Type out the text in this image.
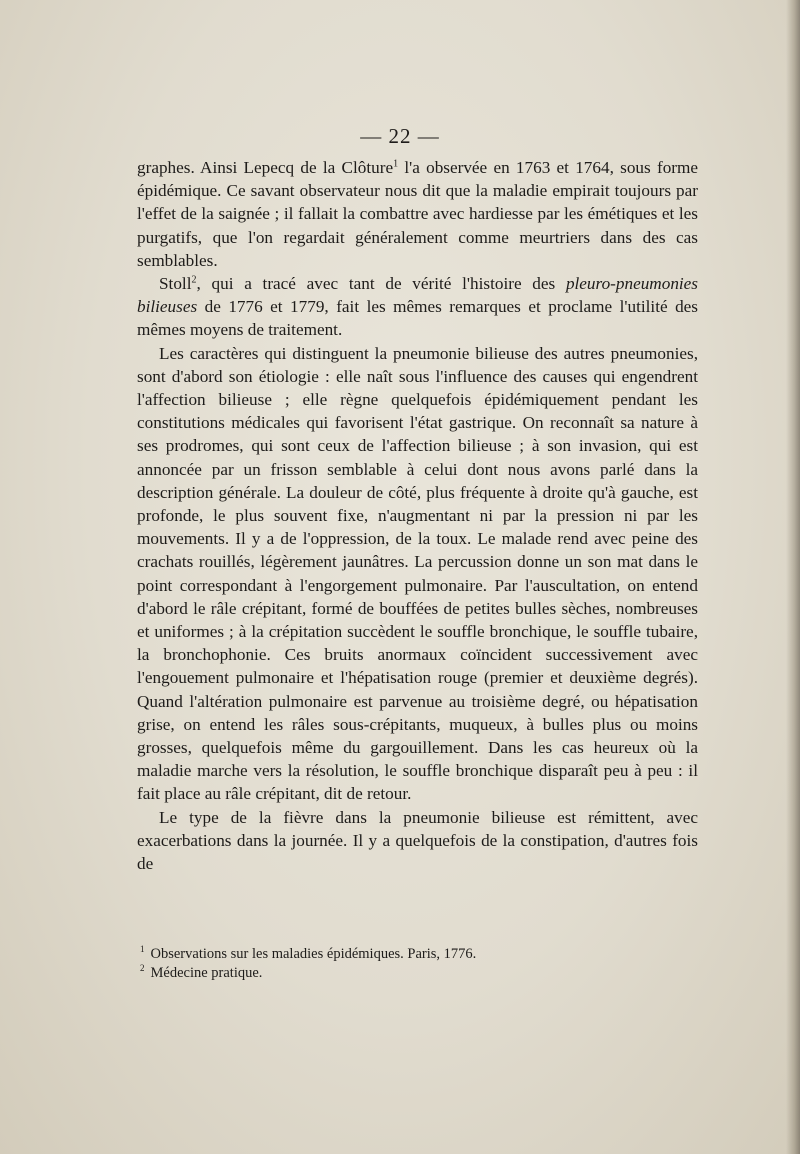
— 22 —

graphes. Ainsi Lepecq de la Clôture$^1$ l'a observée en 1763 et 1764, sous forme épidémique. Ce savant observateur nous dit que la maladie empirait toujours par l'effet de la saignée ; il fallait la combattre avec hardiesse par les émétiques et les purgatifs, que l'on regardait généralement comme meurtriers dans des cas semblables.

Stoll$^2$, qui a tracé avec tant de vérité l'histoire des pleuro-pneumonies bilieuses de 1776 et 1779, fait les mêmes remarques et proclame l'utilité des mêmes moyens de traitement.

Les caractères qui distinguent la pneumonie bilieuse des autres pneumonies, sont d'abord son étiologie : elle naît sous l'influence des causes qui engendrent l'affection bilieuse ; elle règne quelquefois épidémiquement pendant les constitutions médicales qui favorisent l'état gastrique. On reconnaît sa nature à ses prodromes, qui sont ceux de l'affection bilieuse ; à son invasion, qui est annoncée par un frisson semblable à celui dont nous avons parlé dans la description générale. La douleur de côté, plus fréquente à droite qu'à gauche, est profonde, le plus souvent fixe, n'augmentant ni par la pression ni par les mouvements. Il y a de l'oppression, de la toux. Le malade rend avec peine des crachats rouillés, légèrement jaunâtres. La percussion donne un son mat dans le point correspondant à l'engorgement pulmonaire. Par l'auscultation, on entend d'abord le râle crépitant, formé de bouffées de petites bulles sèches, nombreuses et uniformes ; à la crépitation succèdent le souffle bronchique, le souffle tubaire, la bronchophonie. Ces bruits anormaux coïncident successivement avec l'engouement pulmonaire et l'hépatisation rouge (premier et deuxième degrés). Quand l'altération pulmonaire est parvenue au troisième degré, ou hépatisation grise, on entend les râles sous-crépitants, muqueux, à bulles plus ou moins grosses, quelquefois même du gargouillement. Dans les cas heureux où la maladie marche vers la résolution, le souffle bronchique disparaît peu à peu : il fait place au râle crépitant, dit de retour.

Le type de la fièvre dans la pneumonie bilieuse est rémittent, avec exacerbations dans la journée. Il y a quelquefois de la constipation, d'autres fois de

$^1$ Observations sur les maladies épidémiques. Paris, 1776.

$^2$ Médecine pratique.
